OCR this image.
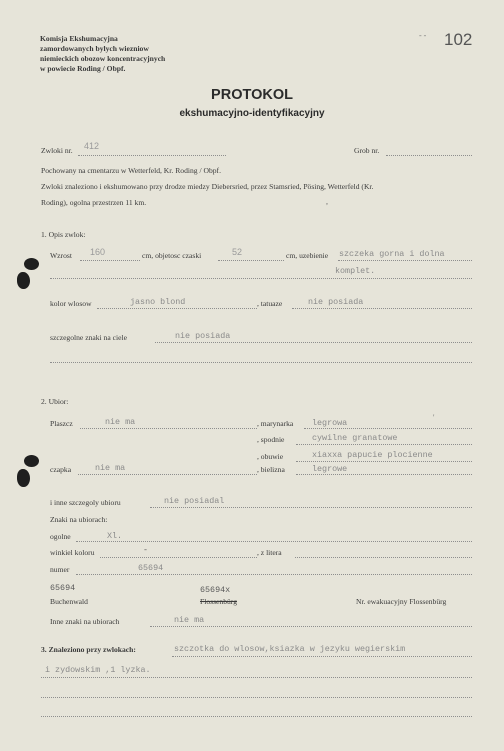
Komisja Ekshumacyjna
zamordowanych bylych wiezniow
niemieckich obozow koncentracyjnych
w powiecie Roding / Obpf.
- - 102
PROTOKOL
ekshumacyjno-identyfikacyjny
Zwloki nr. 412	Grob nr.
Pochowany na cmentarzu w Wetterfeld, Kr. Roding / Obpf.
Zwloki znaleziono i ekshumowano przy drodze miedzy Diebersried, przez Stamsried, Pösing, Wetterfeld (Kr.
Roding), ogolna przestrzen 11 km.	,
1. Opis zwlok:
Wzrost 160	cm, objetosc czaski	52	cm, uzebienie szczeka gorna i dolna
komplet.
kolor wlosow	jasno blond	, tatuaze	nie posiada
szczegolne znaki na ciele	nie posiada
2. Ubior:
Plaszcz	nie ma	, marynarka legrowa
'
, spodnie	cywilne granatowe
, obuwie	xiaxxa papucie plocienne
czapka	nie ma	, bielizna	legrowe
i inne szczegoly ubioru	nie posiadal
Znaki na ubiorach:
ogolne	Xl.
winkiel koloru	-	, z litera
numer	65694
65694
Buchenwald
65694x
Flossenbürg	Nr. ewakuacyjny Flossenbürg
Inne znaki na ubiorach	nie ma
3. Znaleziono przy zwlokach:	szczotka do wlosow,ksiazka w jezyku wegierskim
i zydowskim ,1 lyzka.
